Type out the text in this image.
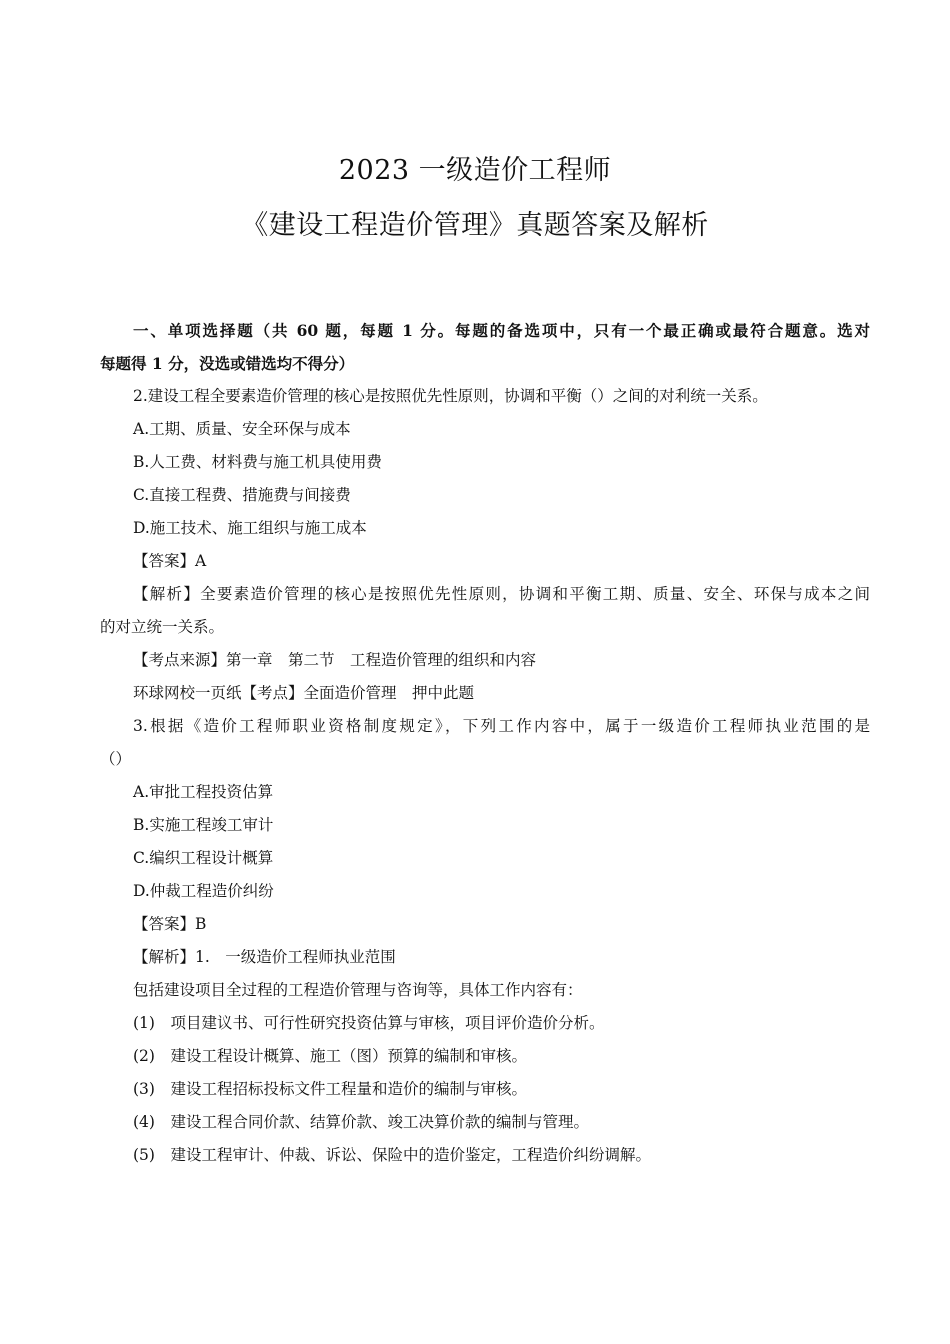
2023 一级造价工程师
《建设工程造价管理》真题答案及解析
一、单项选择题（共 60 题，每题 1 分。每题的备选项中，只有一个最正确或最符合题意。选对
每题得 1 分，没选或错选均不得分）
2.建设工程全要素造价管理的核心是按照优先性原则，协调和平衡（）之间的对利统一关系。
A.工期、质量、安全环保与成本
B.人工费、材料费与施工机具使用费
C.直接工程费、措施费与间接费
D.施工技术、施工组织与施工成本
【答案】A
【解析】全要素造价管理的核心是按照优先性原则，协调和平衡工期、质量、安全、环保与成本之间
的对立统一关系。
【考点来源】第一章　第二节　工程造价管理的组织和内容
环球网校一页纸【考点】全面造价管理　押中此题
3.根据《造价工程师职业资格制度规定》，下列工作内容中，属于一级造价工程师执业范围的是
（）
A.审批工程投资估算
B.实施工程竣工审计
C.编织工程设计概算
D.仲裁工程造价纠纷
【答案】B
【解析】1.　一级造价工程师执业范围
包括建设项目全过程的工程造价管理与咨询等，具体工作内容有：
(1)　项目建议书、可行性研究投资估算与审核，项目评价造价分析。
(2)　建设工程设计概算、施工（图）预算的编制和审核。
(3)　建设工程招标投标文件工程量和造价的编制与审核。
(4)　建设工程合同价款、结算价款、竣工决算价款的编制与管理。
(5)　建设工程审计、仲裁、诉讼、保险中的造价鉴定，工程造价纠纷调解。
